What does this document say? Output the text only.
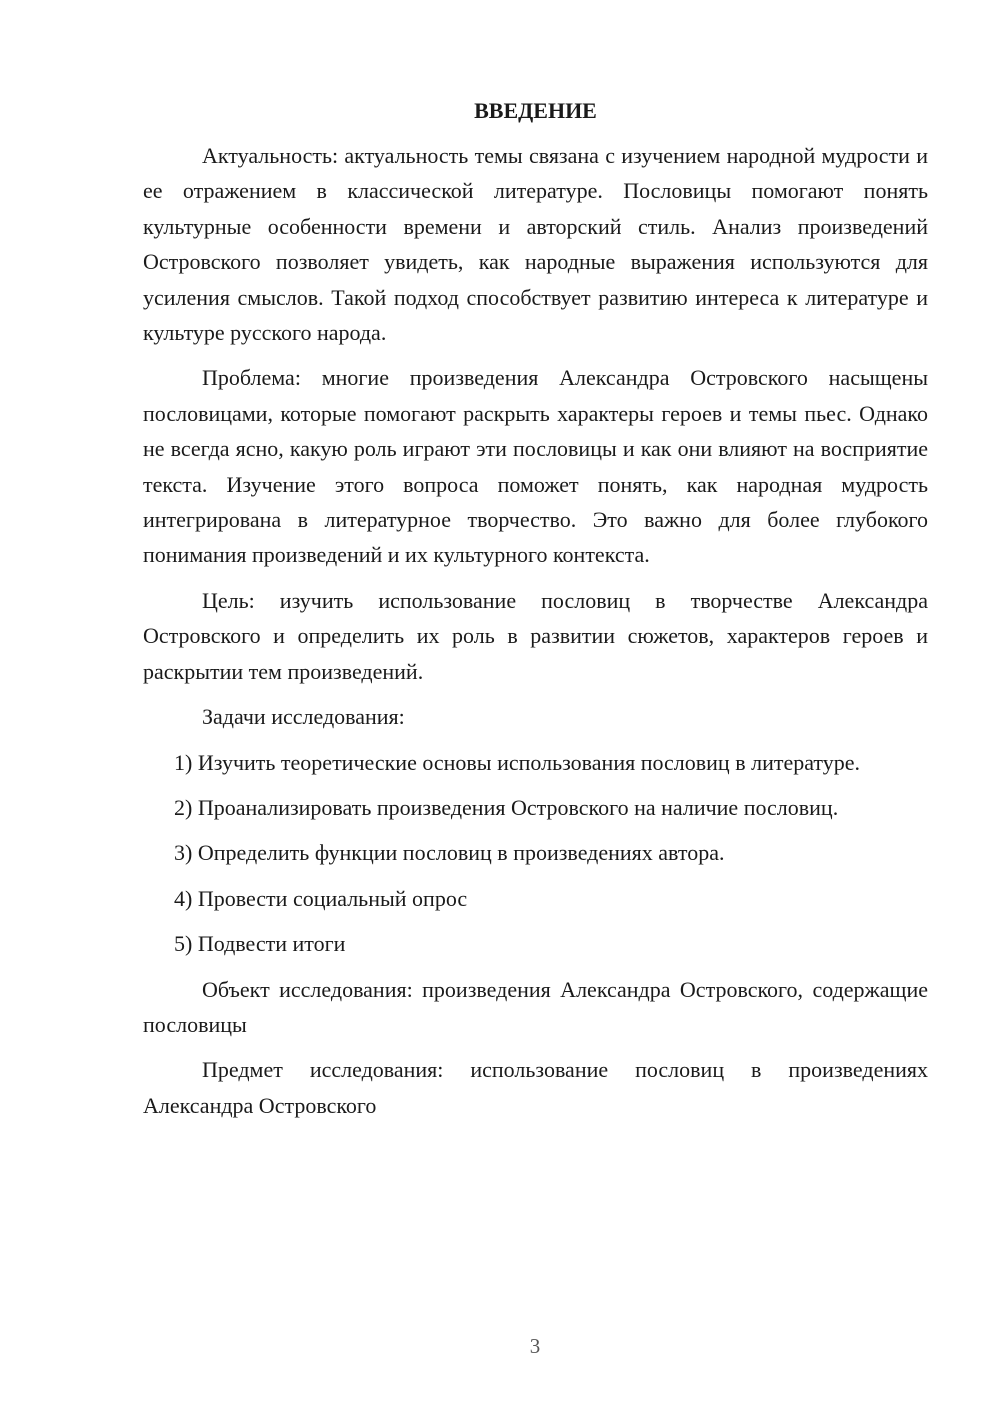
ВВЕДЕНИЕ

Актуальность: актуальность темы связана с изучением народной мудрости и ее отражением в классической литературе. Пословицы помогают понять культурные особенности времени и авторский стиль. Анализ произведений Островского позволяет увидеть, как народные выражения используются для усиления смыслов. Такой подход способствует развитию интереса к литературе и культуре русского народа.

Проблема: многие произведения Александра Островского насыщены пословицами, которые помогают раскрыть характеры героев и темы пьес. Однако не всегда ясно, какую роль играют эти пословицы и как они влияют на восприятие текста. Изучение этого вопроса поможет понять, как народная мудрость интегрирована в литературное творчество. Это важно для более глубокого понимания произведений и их культурного контекста.

Цель: изучить использование пословиц в творчестве Александра Островского и определить их роль в развитии сюжетов, характеров героев и раскрытии тем произведений.

Задачи исследования:

1) Изучить теоретические основы использования пословиц в литературе.

2) Проанализировать произведения Островского на наличие пословиц.

3) Определить функции пословиц в произведениях автора.

4) Провести социальный опрос

5) Подвести итоги

Объект исследования: произведения Александра Островского, содержащие пословицы

Предмет исследования: использование пословиц в произведениях Александра Островского

3
